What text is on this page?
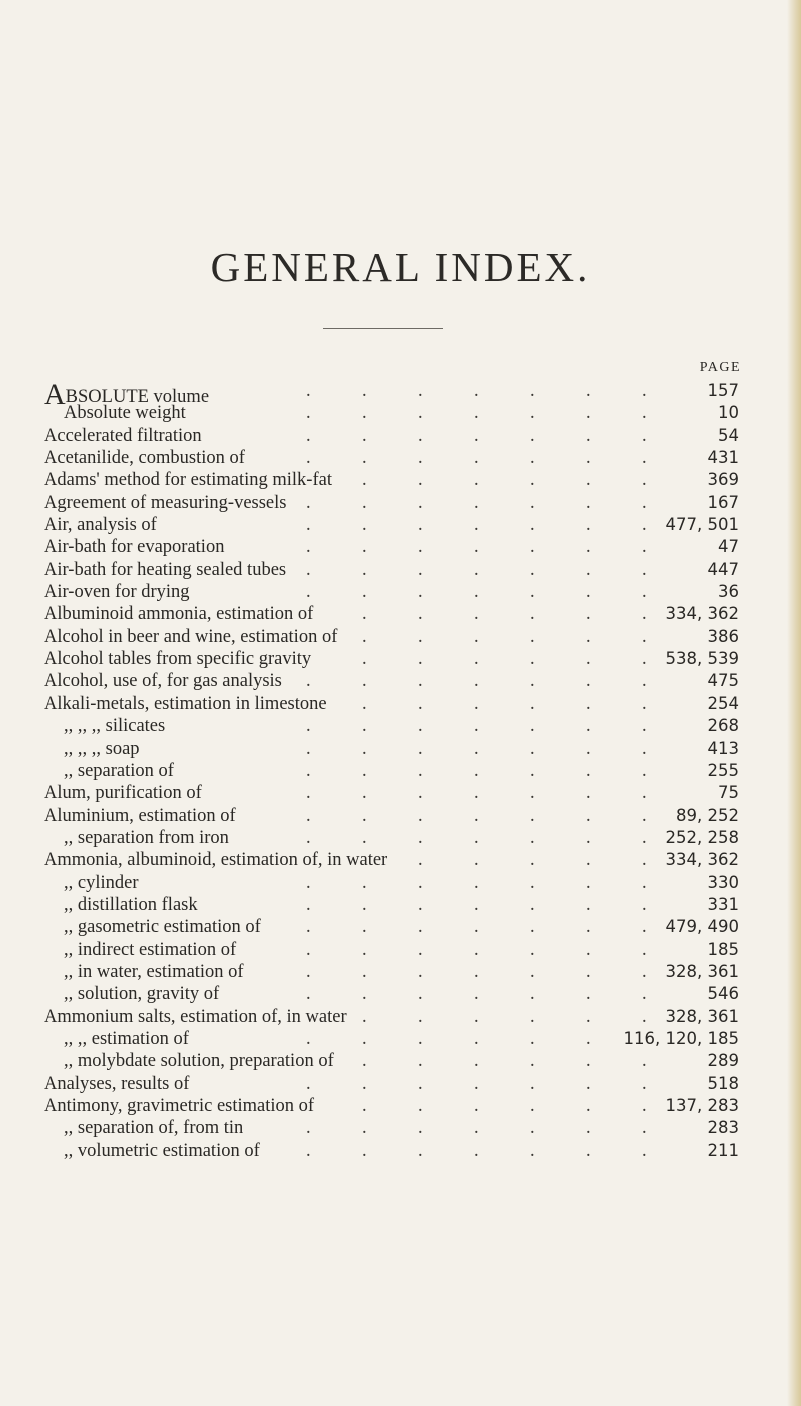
GENERAL INDEX.
PAGE
ABSOLUTE volume	.	.	.	.	.	.	.	157
Absolute weight	.	.	.	.	.	.	.	10
Accelerated filtration	.	.	.	.	.	.	.	54
Acetanilide, combustion of	.	.	.	.	.	.	.	431
Adams' method for estimating milk-fat .	.	.	.	.	.	369
Agreement of measuring-vessels .	.	.	.	.	.	.	167
Air, analysis of	.	.	.	.	.	.	. 477, 501
Air-bath for evaporation	.	.	.	.	.	.	.	47
Air-bath for heating sealed tubes .	.	.	.	.	.	.	447
Air-oven for drying	.	.	.	.	.	.	.	36
Albuminoid ammonia, estimation of	.	.	.	.	.	. 334, 362
Alcohol in beer and wine, estimation of .	.	.	.	.	.	386
Alcohol tables from specific gravity	.	.	.	.	.	. 538, 539
Alcohol, use of, for gas analysis .	.	.	.	.	.	.	475
Alkali-metals, estimation in limestone .	.	.	.	.	.	254
,, ,, ,, silicates	.	.	.	.	.	.	.	268
,, ,, ,, soap	.	.	.	.	.	.	.	413
,, separation of	.	.	.	.	.	.	.	255
Alum, purification of	.	.	.	.	.	.	.	75
Aluminium, estimation of	.	.	.	.	.	.	. 89, 252
,, separation from iron	.	.	.	.	.	.	. 252, 258
Ammonia, albuminoid, estimation of, in water .	.	.	.	. 334, 362
,, cylinder	.	.	.	.	.	.	.	330
,, distillation flask	.	.	.	.	.	.	.	331
,, gasometric estimation of .	.	.	.	.	.	. 479, 490
,, indirect estimation of	.	.	.	.	.	.	.	185
,, in water, estimation of	.	.	.	.	.	.	. 328, 361
,, solution, gravity of	.	.	.	.	.	.	.	546
Ammonium salts, estimation of, in water .	.	.	.	.	. 328, 361
,, ,, estimation of	.	.	.	.	.	. 116, 120, 185
,, molybdate solution, preparation of .	.	.	.	.	.	289
Analyses, results of	.	.	.	.	.	.	.	518
Antimony, gravimetric estimation of	.	.	.	.	.	. 137, 283
,, separation of, from tin	.	.	.	.	.	.	.	283
,, volumetric estimation of	.	.	.	.	.	.	.	211
